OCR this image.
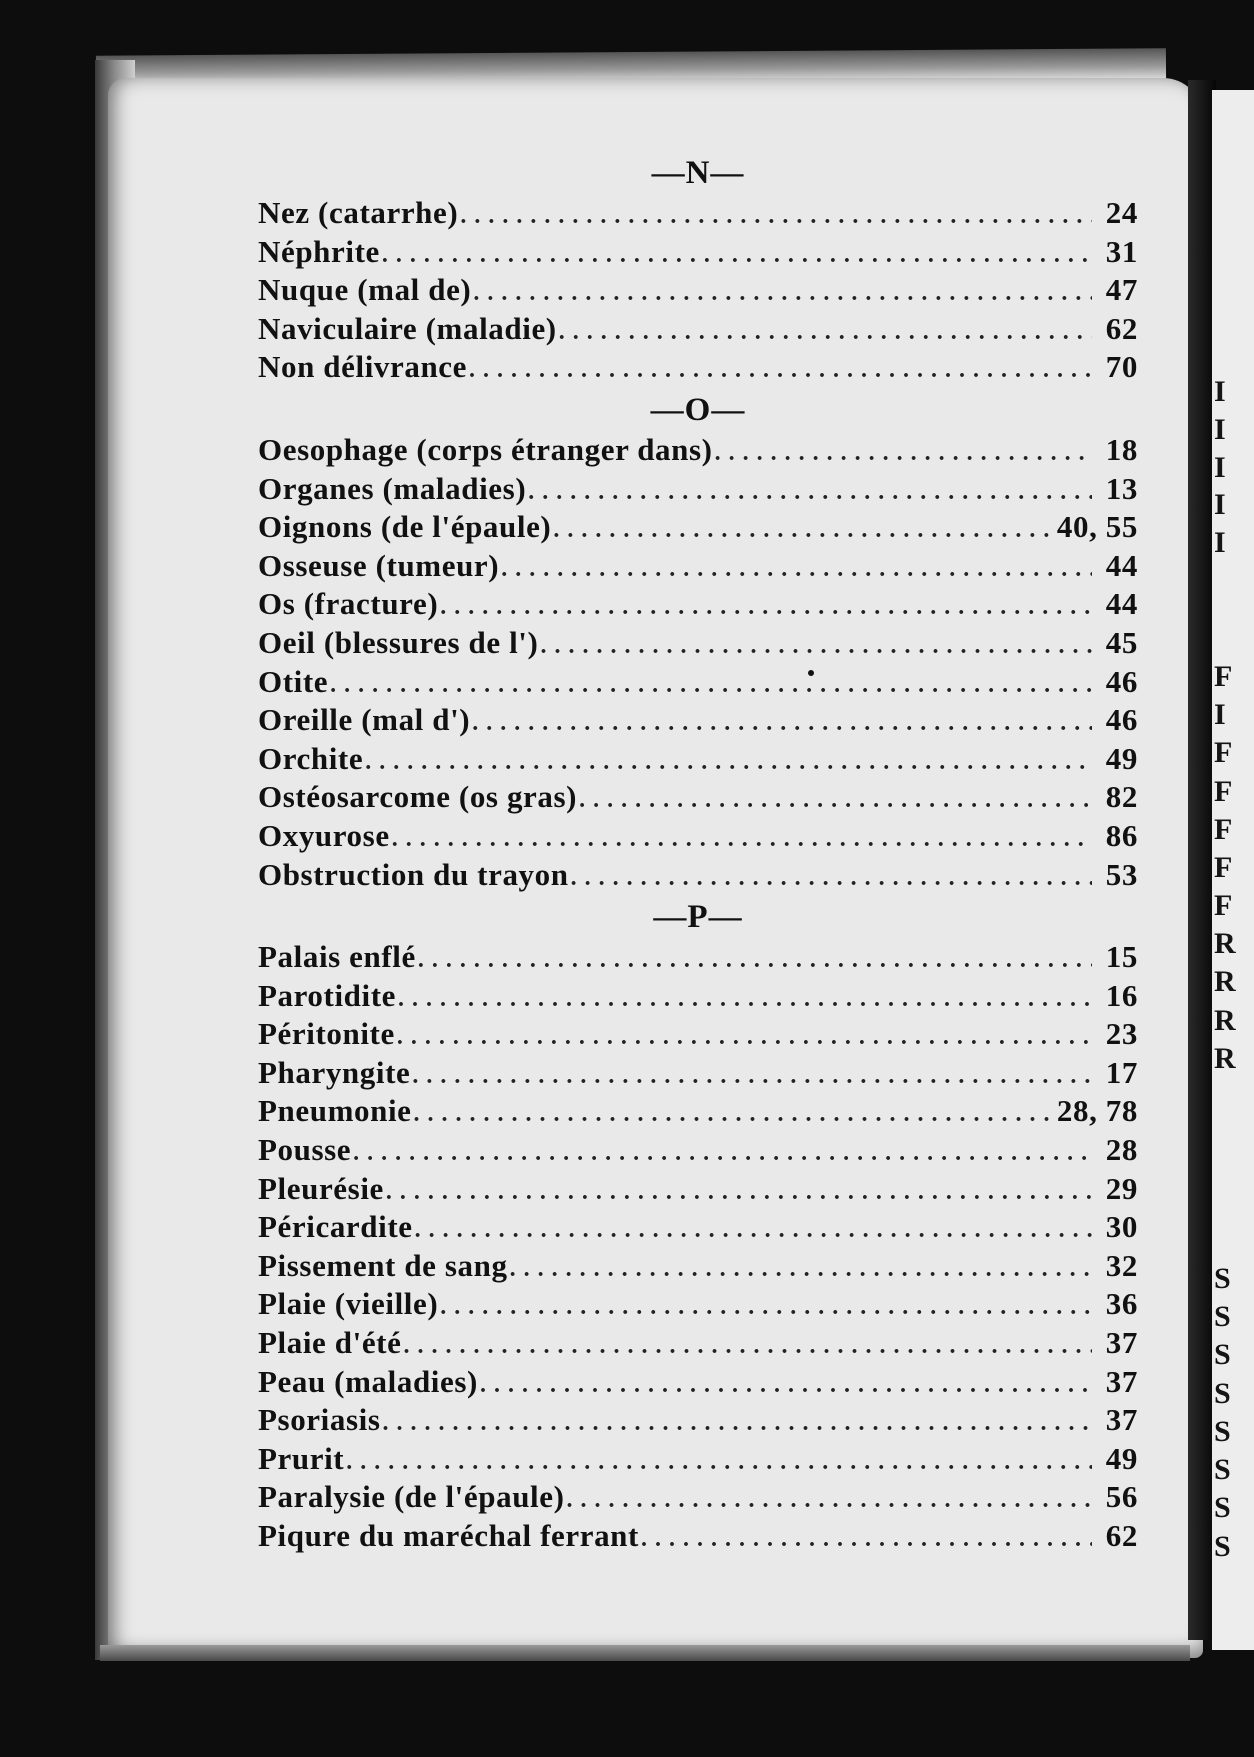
I
I
I
I
I
F
I
F
F
F
F
F
R
R
R
R
S
S
S
S
S
S
S
S
—N—
Nez (catarrhe) . . .	24
Néphrite . . .	31
Nuque (mal de) . . .	47
Naviculaire (maladie) . . .	62
Non délivrance . . .	70
—O—
Oesophage (corps étranger dans) . . .	18
Organes (maladies) . . .	13
Oignons (de l'épaule) . . .	40, 55
Osseuse (tumeur) . . .	44
Os (fracture) . . .	44
Oeil (blessures de l') . . .	45
Otite . . .	46
Oreille (mal d') . . .	46
Orchite . . .	49
Ostéosarcome (os gras) . . .	82
Oxyurose . . .	86
Obstruction du trayon . . .	53
—P—
Palais enflé . . .	15
Parotidite . . .	16
Péritonite . . .	23
Pharyngite . . .	17
Pneumonie . . .	28, 78
Pousse . . .	28
Pleurésie . . .	29
Péricardite . . .	30
Pissement de sang . . .	32
Plaie (vieille) . . .	36
Plaie d'été . . .	37
Peau (maladies) . . .	37
Psoriasis . . .	37
Prurit . . .	49
Paralysie (de l'épaule) . . .	56
Piqure du maréchal ferrant . . .	62
